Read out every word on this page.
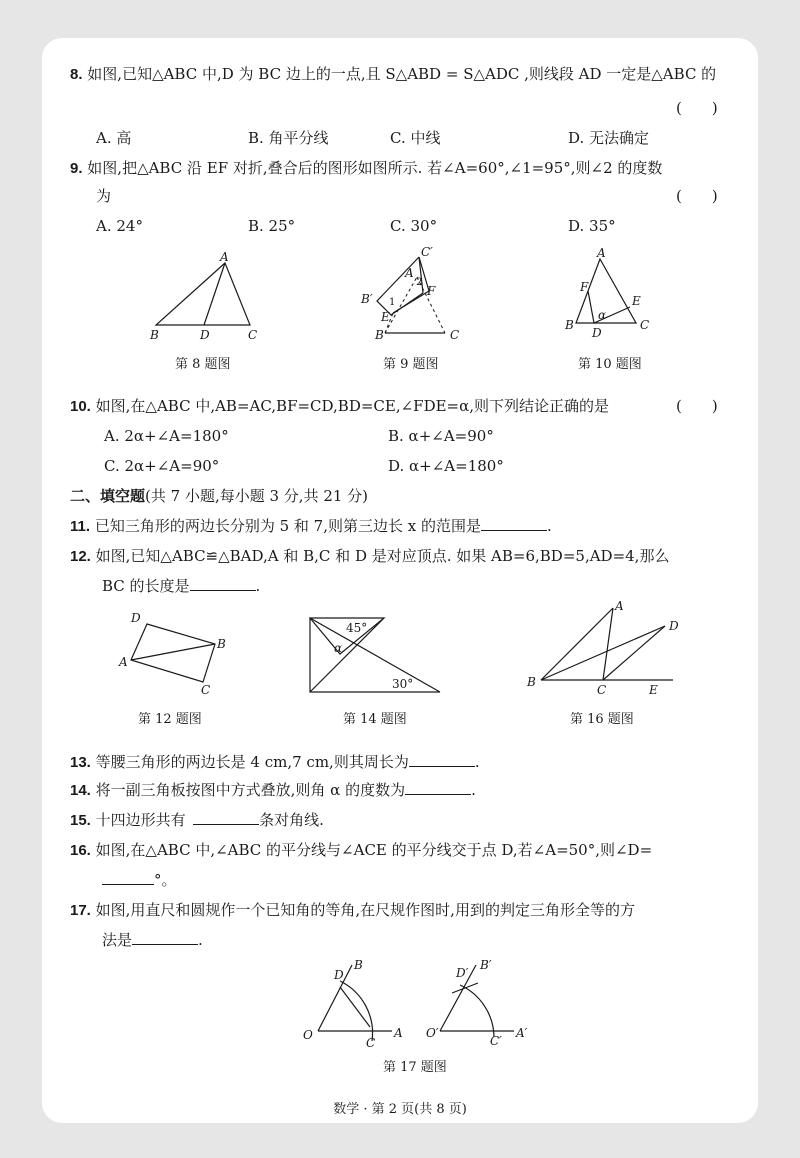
8. 如图,已知△ABC 中,D 为 BC 边上的一点,且 S△ABD = S△ADC ,则线段 AD 一定是△ABC 的
(　　)
A. 高	B. 角平分线	C. 中线	D. 无法确定
9. 如图,把△ABC 沿 EF 对折,叠合后的图形如图所示. 若∠A=60°,∠1=95°,则∠2 的度数
为	(　　)
A. 24°	B. 25°	C. 30°	D. 35°
A
B	D	C
第 8 题图
C′
A
2
F
B′ 1
E
B	C
第 9 题图
A
F
E
α
B
D
C
第 10 题图
10. 如图,在△ABC 中,AB=AC,BF=CD,BD=CE,∠FDE=α,则下列结论正确的是	(　　)
A. 2α+∠A=180°	B. α+∠A=90°
C. 2α+∠A=90°	D. α+∠A=180°
二、填空题(共 7 小题,每小题 3 分,共 21 分)
11. 已知三角形的两边长分别为 5 和 7,则第三边长 x 的范围是	.
12. 如图,已知△ABC≌△BAD,A 和 B,C 和 D 是对应顶点. 如果 AB=6,BD=5,AD=4,那么
BC 的长度是	.
D
B
A
C
第 12 题图
45°
α
30°
第 14 题图
A
D
B
C	E
第 16 题图
13. 等腰三角形的两边长是 4 cm,7 cm,则其周长为	.
14. 将一副三角板按图中方式叠放,则角 α 的度数为	.
15. 十四边形共有 	条对角线.
16. 如图,在△ABC 中,∠ABC 的平分线与∠ACE 的平分线交于点 D,若∠A=50°,则∠D=
°。
17. 如图,用直尺和圆规作一个已知角的等角,在尺规作图时,用到的判定三角形全等的方
法是	.
D
B
O
C
A
D′
B′
O′
C′
A′
第 17 题图
数学 · 第 2 页(共 8 页)
